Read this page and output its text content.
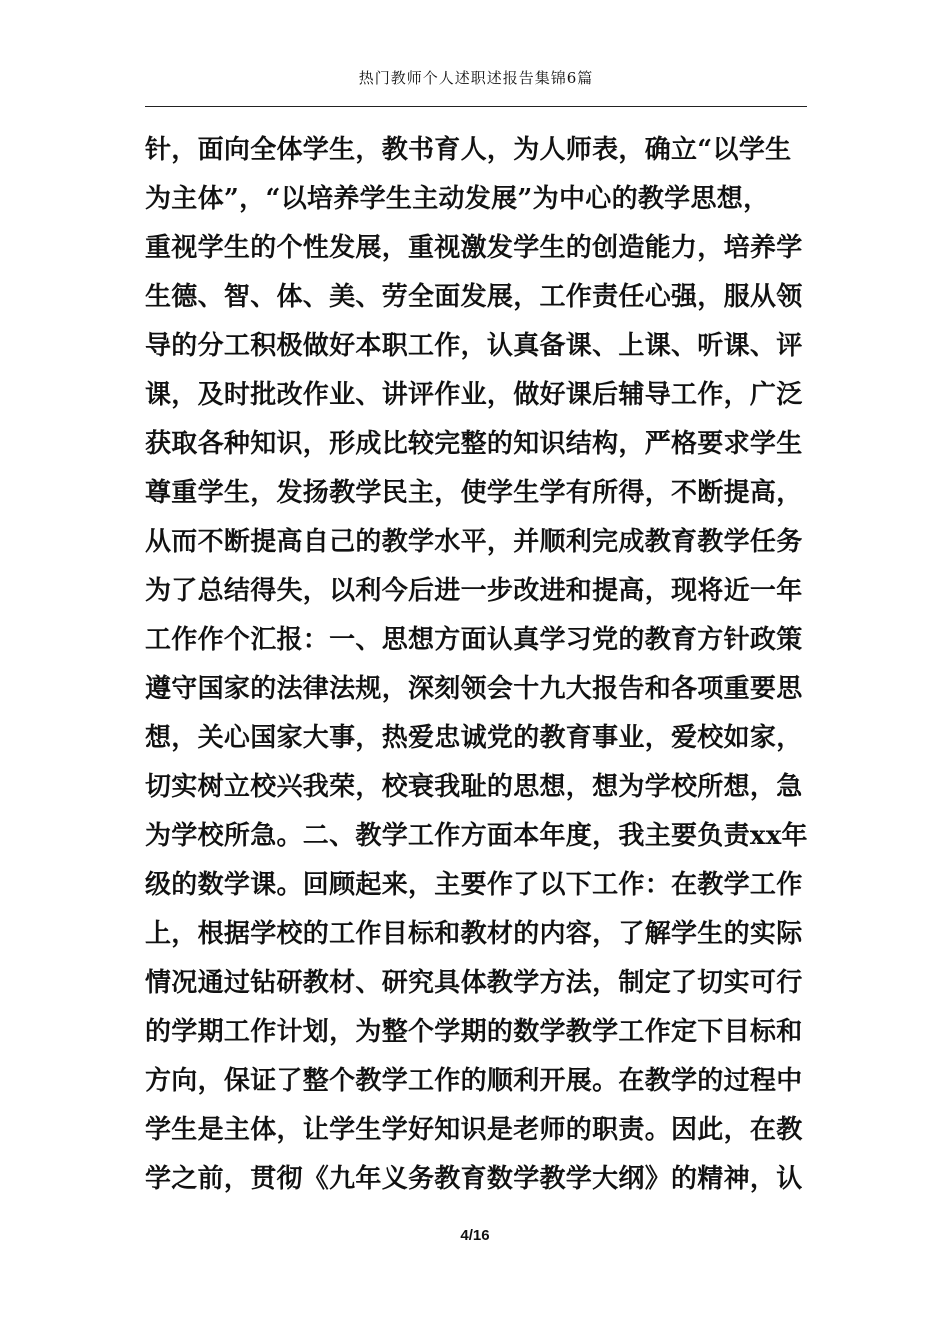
热门教师个人述职述报告集锦6篇
针，面向全体学生，教书育人，为人师表，确立“以学生
为主体”，“以培养学生主动发展”为中心的教学思想，
重视学生的个性发展，重视激发学生的创造能力，培养学
生德、智、体、美、劳全面发展，工作责任心强，服从领
导的分工积极做好本职工作，认真备课、上课、听课、评
课，及时批改作业、讲评作业，做好课后辅导工作，广泛
获取各种知识，形成比较完整的知识结构，严格要求学生
尊重学生，发扬教学民主，使学生学有所得，不断提高，
从而不断提高自己的教学水平，并顺利完成教育教学任务
为了总结得失，以利今后进一步改进和提高，现将近一年
工作作个汇报：一、思想方面认真学习党的教育方针政策
遵守国家的法律法规，深刻领会十九大报告和各项重要思
想，关心国家大事，热爱忠诚党的教育事业，爱校如家，
切实树立校兴我荣，校衰我耻的思想，想为学校所想，急
为学校所急。二、教学工作方面本年度，我主要负责xx年
级的数学课。回顾起来，主要作了以下工作：在教学工作
上，根据学校的工作目标和教材的内容，了解学生的实际
情况通过钻研教材、研究具体教学方法，制定了切实可行
的学期工作计划，为整个学期的数学教学工作定下目标和
方向，保证了整个教学工作的顺利开展。在教学的过程中
学生是主体，让学生学好知识是老师的职责。因此，在教
学之前，贯彻《九年义务教育数学教学大纲》的精神，认
4/16
